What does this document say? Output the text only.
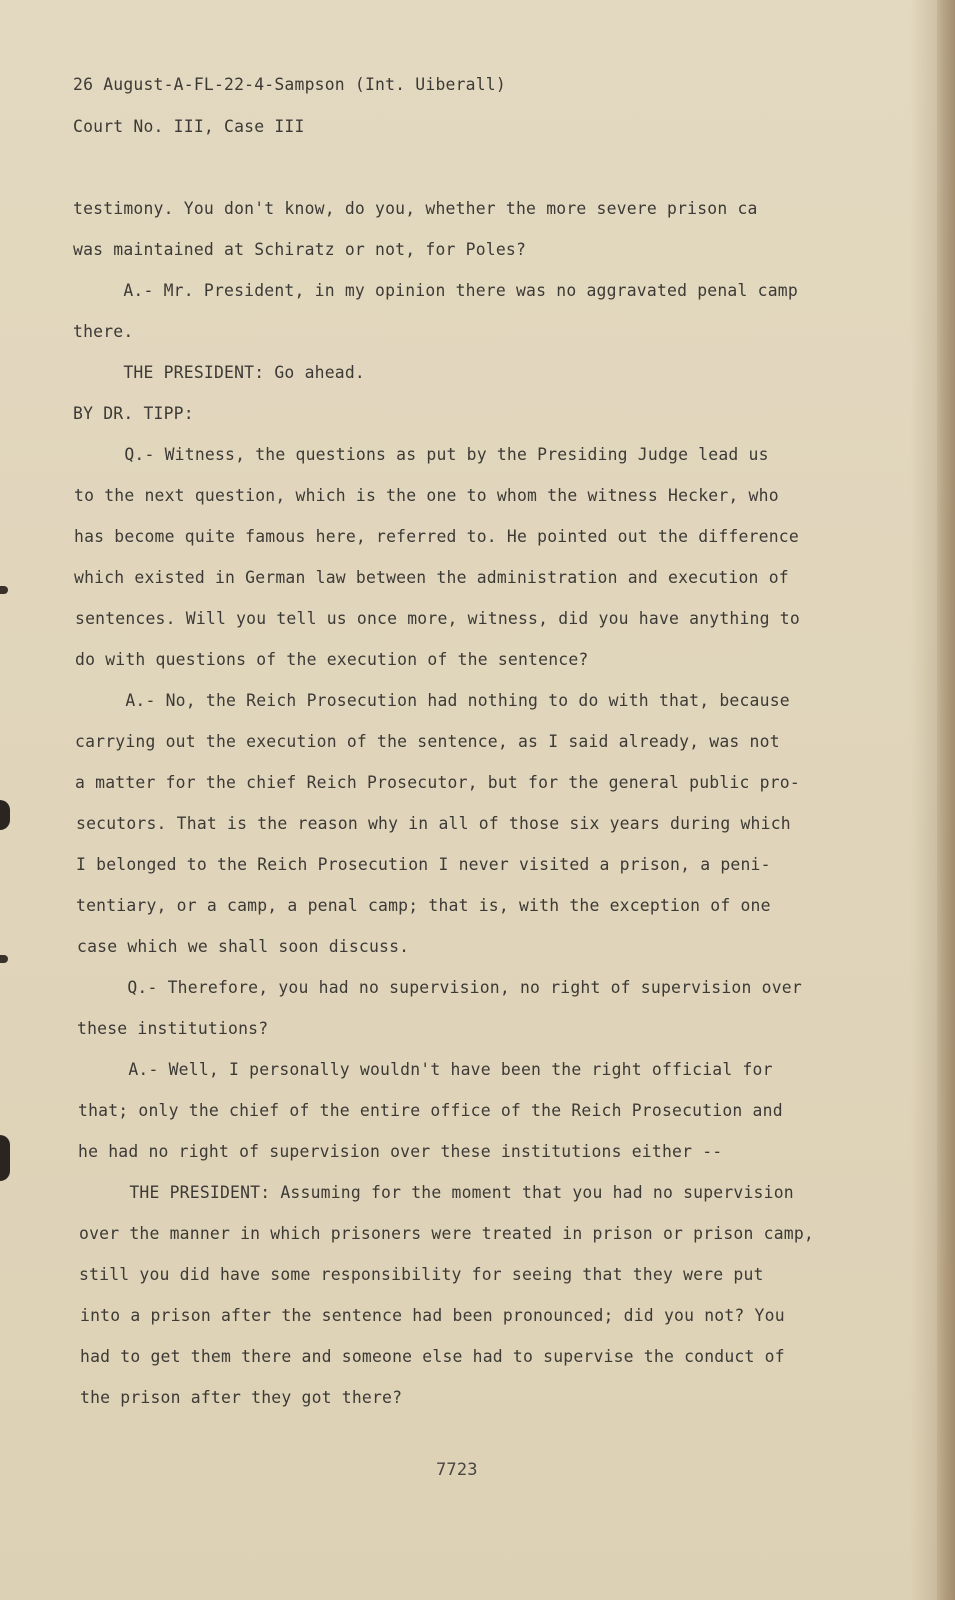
26 August-A-FL-22-4-Sampson (Int. Uiberall)
Court No. III, Case III
testimony. You don't know, do you, whether the more severe prison ca
was maintained at Schiratz or not, for Poles?
A.- Mr. President, in my opinion there was no aggravated penal camp
there.
THE PRESIDENT: Go ahead.
BY DR. TIPP:
Q.- Witness, the questions as put by the Presiding Judge lead us
to the next question, which is the one to whom the witness Hecker, who
has become quite famous here, referred to. He pointed out the difference
which existed in German law between the administration and execution of
sentences. Will you tell us once more, witness, did you have anything to
do with questions of the execution of the sentence?
A.- No, the Reich Prosecution had nothing to do with that, because
carrying out the execution of the sentence, as I said already, was not
a matter for the chief Reich Prosecutor, but for the general public pro-
secutors. That is the reason why in all of those six years during which
I belonged to the Reich Prosecution I never visited a prison, a peni-
tentiary, or a camp, a penal camp; that is, with the exception of one
case which we shall soon discuss.
Q.- Therefore, you had no supervision, no right of supervision over
these institutions?
A.- Well, I personally wouldn't have been the right official for
that; only the chief of the entire office of the Reich Prosecution and
he had no right of supervision over these institutions either --
THE PRESIDENT: Assuming for the moment that you had no supervision
over the manner in which prisoners were treated in prison or prison camp,
still you did have some responsibility for seeing that they were put
into a prison after the sentence had been pronounced; did you not? You
had to get them there and someone else had to supervise the conduct of
the prison after they got there?
7723
